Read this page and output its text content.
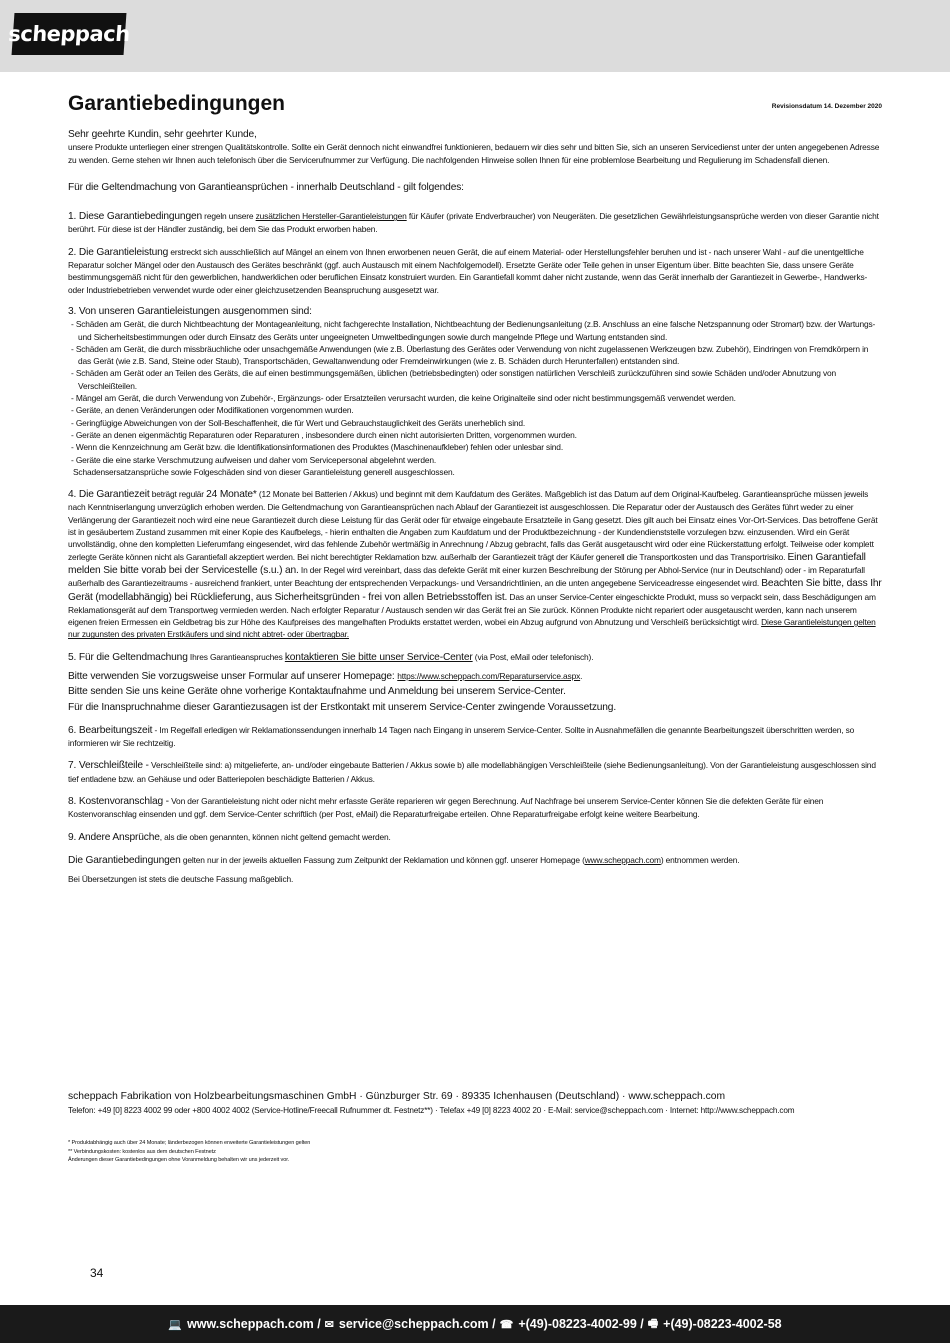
scheppach
Garantiebedingungen	Revisionsdatum 14. Dezember 2020

Sehr geehrte Kundin, sehr geehrter Kunde,

unsere Produkte unterliegen einer strengen Qualitätskontrolle. Sollte ein Gerät dennoch nicht einwandfrei funktionieren, bedauern wir dies sehr und bitten Sie, sich an unseren Servicedienst unter der unten angegebenen Adresse zu wenden. Gerne stehen wir Ihnen auch telefonisch über die Servicerufnummer zur Verfügung. Die nachfolgenden Hinweise sollen Ihnen für eine problemlose Bearbeitung und Regulierung im Schadensfall dienen.

Für die Geltendmachung von Garantieansprüchen - innerhalb Deutschland - gilt folgendes:

1. Diese Garantiebedingungen regeln unsere zusätzlichen Hersteller-Garantieleistungen für Käufer (private Endverbraucher) von Neugeräten. Die gesetzlichen Gewährleistungsansprüche werden von dieser Garantie nicht berührt. Für diese ist der Händler zuständig, bei dem Sie das Produkt erworben haben.

2. Die Garantieleistung erstreckt sich ausschließlich auf Mängel an einem von Ihnen erworbenen neuen Gerät, die auf einem Material- oder Herstellungsfehler beruhen und ist - nach unserer Wahl - auf die unentgeltliche Reparatur solcher Mängel oder den Austausch des Gerätes beschränkt (ggf. auch Austausch mit einem Nachfolgemodell). Ersetzte Geräte oder Teile gehen in unser Eigentum über. Bitte beachten Sie, dass unsere Geräte bestimmungsgemäß nicht für den gewerblichen, handwerklichen oder beruflichen Einsatz konstruiert wurden. Ein Garantiefall kommt daher nicht zustande, wenn das Gerät innerhalb der Garantiezeit in Gewerbe-, Handwerks- oder Industriebetrieben verwendet wurde oder einer gleichzusetzenden Beanspruchung ausgesetzt war.

3. Von unseren Garantieleistungen ausgenommen sind:

- Schäden am Gerät, die durch Nichtbeachtung der Montageanleitung, nicht fachgerechte Installation, Nichtbeachtung der Bedienungsanleitung (z.B. Anschluss an eine falsche Netzspannung oder Stromart) bzw. der Wartungs- und Sicherheitsbestimmungen oder durch Einsatz des Geräts unter ungeeigneten Umweltbedingungen sowie durch mangelnde Pflege und Wartung entstanden sind.

- Schäden am Gerät, die durch missbräuchliche oder unsachgemäße Anwendungen (wie z.B. Überlastung des Gerätes oder Verwendung von nicht zugelassenen Werkzeugen bzw. Zubehör), Eindringen von Fremdkörpern in das Gerät (wie z.B. Sand, Steine oder Staub), Transportschäden, Gewaltanwendung oder Fremdeinwirkungen (wie z. B. Schäden durch Herunterfallen) entstanden sind.

- Schäden am Gerät oder an Teilen des Geräts, die auf einen bestimmungsgemäßen, üblichen (betriebsbedingten) oder sonstigen natürlichen Verschleiß zurückzuführen sind sowie Schäden und/oder Abnutzung von Verschleißteilen.

- Mängel am Gerät, die durch Verwendung von Zubehör-, Ergänzungs- oder Ersatzteilen verursacht wurden, die keine Originalteile sind oder nicht bestimmungsgemäß verwendet werden.

- Geräte, an denen Veränderungen oder Modifikationen vorgenommen wurden.

- Geringfügige Abweichungen von der Soll-Beschaffenheit, die für Wert und Gebrauchstauglichkeit des Geräts unerheblich sind.

- Geräte an denen eigenmächtig Reparaturen oder Reparaturen , insbesondere durch einen nicht autorisierten Dritten, vorgenommen wurden.

- Wenn die Kennzeichnung am Gerät bzw. die Identifikationsinformationen des Produktes (Maschinenaufkleber) fehlen oder unlesbar sind.

- Geräte die eine starke Verschmutzung aufweisen und daher vom Servicepersonal abgelehnt werden.

Schadensersatzansprüche sowie Folgeschäden sind von dieser Garantieleistung generell ausgeschlossen.

4. Die Garantiezeit beträgt regulär 24 Monate* (12 Monate bei Batterien / Akkus) und beginnt mit dem Kaufdatum des Gerätes. Maßgeblich ist das Datum auf dem Original-Kaufbeleg. Garantieansprüche müssen jeweils nach Kenntniserlangung unverzüglich erhoben werden. Die Geltendmachung von Garantieansprüchen nach Ablauf der Garantiezeit ist ausgeschlossen. Die Reparatur oder der Austausch des Gerätes führt weder zu einer Verlängerung der Garantiezeit noch wird eine neue Garantiezeit durch diese Leistung für das Gerät oder für etwaige eingebaute Ersatzteile in Gang gesetzt. Dies gilt auch bei Einsatz eines Vor-Ort-Services. Das betroffene Gerät ist in gesäubertem Zustand zusammen mit einer Kopie des Kaufbelegs, - hierin enthalten die Angaben zum Kaufdatum und der Produktbezeichnung - der Kundendienststelle vorzulegen bzw. einzusenden. Wird ein Gerät unvollständig, ohne den kompletten Lieferumfang eingesendet, wird das fehlende Zubehör wertmäßig in Anrechnung / Abzug gebracht, falls das Gerät ausgetauscht wird oder eine Rückerstattung erfolgt. Teilweise oder komplett zerlegte Geräte können nicht als Garantiefall akzeptiert werden. Bei nicht berechtigter Reklamation bzw. außerhalb der Garantiezeit trägt der Käufer generell die Transportkosten und das Transportrisiko. Einen Garantiefall melden Sie bitte vorab bei der Servicestelle (s.u.) an. In der Regel wird vereinbart, dass das defekte Gerät mit einer kurzen Beschreibung der Störung per Abhol-Service (nur in Deutschland) oder - im Reparaturfall außerhalb des Garantiezeitraums - ausreichend frankiert, unter Beachtung der entsprechenden Verpackungs- und Versandrichtlinien, an die unten angegebene Serviceadresse eingesendet wird. Beachten Sie bitte, dass Ihr Gerät (modellabhängig) bei Rücklieferung, aus Sicherheitsgründen - frei von allen Betriebsstoffen ist. Das an unser Service-Center eingeschickte Produkt, muss so verpackt sein, dass Beschädigungen am Reklamationsgerät auf dem Transportweg vermieden werden. Nach erfolgter Reparatur / Austausch senden wir das Gerät frei an Sie zurück. Können Produkte nicht repariert oder ausgetauscht werden, kann nach unserem eigenen freien Ermessen ein Geldbetrag bis zur Höhe des Kaufpreises des mangelhaften Produkts erstattet werden, wobei ein Abzug aufgrund von Abnutzung und Verschleiß berücksichtigt wird. Diese Garantieleistungen gelten nur zugunsten des privaten Erstkäufers und sind nicht abtret- oder übertragbar.

5. Für die Geltendmachung Ihres Garantieanspruches kontaktieren Sie bitte unser Service-Center (via Post, eMail oder telefonisch).

Bitte verwenden Sie vorzugsweise unser Formular auf unserer Homepage: https://www.scheppach.com/Reparaturservice.aspx.

Bitte senden Sie uns keine Geräte ohne vorherige Kontaktaufnahme und Anmeldung bei unserem Service-Center.

Für die Inanspruchnahme dieser Garantiezusagen ist der Erstkontakt mit unserem Service-Center zwingende Voraussetzung.

6. Bearbeitungszeit - Im Regelfall erledigen wir Reklamationssendungen innerhalb 14 Tagen nach Eingang in unserem Service-Center. Sollte in Ausnahmefällen die genannte Bearbeitungszeit überschritten werden, so informieren wir Sie rechtzeitig.

7. Verschleißteile - Verschleißteile sind: a) mitgelieferte, an- und/oder eingebaute Batterien / Akkus sowie b) alle modellabhängigen Verschleißteile (siehe Bedienungsanleitung). Von der Garantieleistung ausgeschlossen sind tief entladene bzw. an Gehäuse und oder Batteriepolen beschädigte Batterien / Akkus.

8. Kostenvoranschlag - Von der Garantieleistung nicht oder nicht mehr erfasste Geräte reparieren wir gegen Berechnung. Auf Nachfrage bei unserem Service-Center können Sie die defekten Geräte für einen Kostenvoranschlag einsenden und ggf. dem Service-Center schriftlich (per Post, eMail) die Reparaturfreigabe erteilen. Ohne Reparaturfreigabe erfolgt keine weitere Bearbeitung.

9. Andere Ansprüche, als die oben genannten, können nicht geltend gemacht werden.

Die Garantiebedingungen gelten nur in der jeweils aktuellen Fassung zum Zeitpunkt der Reklamation und können ggf. unserer Homepage (www.scheppach.com) entnommen werden.

Bei Übersetzungen ist stets die deutsche Fassung maßgeblich.

scheppach Fabrikation von Holzbearbeitungsmaschinen GmbH · Günzburger Str. 69 · 89335 Ichenhausen (Deutschland) · www.scheppach.com
Telefon: +49 [0] 8223 4002 99 oder +800 4002 4002 (Service-Hotline/Freecall Rufnummer dt. Festnetz**) · Telefax +49 [0] 8223 4002 20 · E-Mail: service@scheppach.com · Internet: http://www.scheppach.com
* Produktabhängig auch über 24 Monate; länderbezogen können erweiterte Garantieleistungen gelten
** Verbindungskosten: kostenlos aus dem deutschen Festnetz
Änderungen dieser Garantiebedingungen ohne Voranmeldung behalten wir uns jederzeit vor.
34
💻 www.scheppach.com / ✉ service@scheppach.com / ☎ +(49)-08223-4002-99 / 🖷 +(49)-08223-4002-58
